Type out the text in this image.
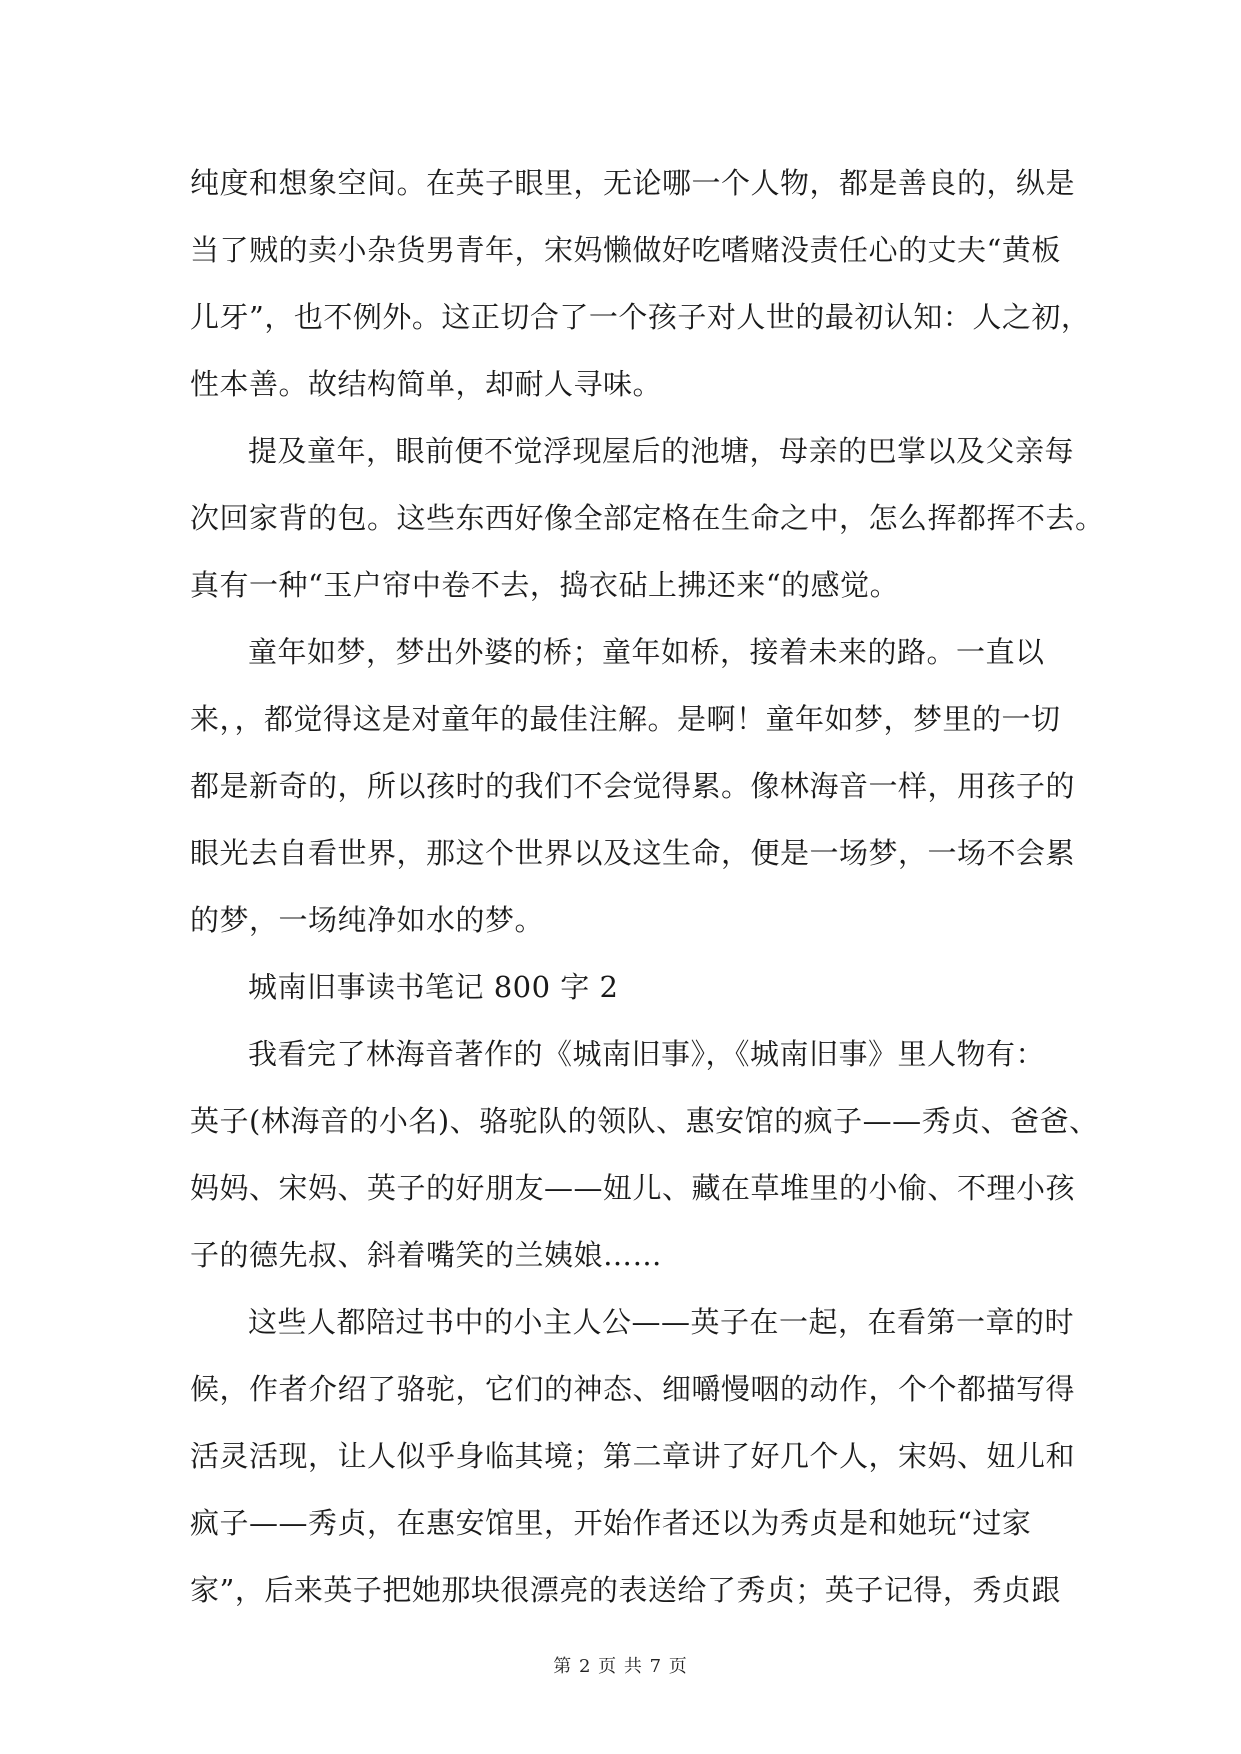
纯度和想象空间。在英子眼里，无论哪一个人物，都是善良的，纵是
当了贼的卖小杂货男青年，宋妈懒做好吃嗜赌没责任心的丈夫“黄板
儿牙”，也不例外。这正切合了一个孩子对人世的最初认知：人之初，
性本善。故结构简单，却耐人寻味。
提及童年，眼前便不觉浮现屋后的池塘，母亲的巴掌以及父亲每
次回家背的包。这些东西好像全部定格在生命之中，怎么挥都挥不去。
真有一种“玉户帘中卷不去，捣衣砧上拂还来“的感觉。
童年如梦，梦出外婆的桥；童年如桥，接着未来的路。一直以
来，，都觉得这是对童年的最佳注解。是啊！童年如梦，梦里的一切
都是新奇的，所以孩时的我们不会觉得累。像林海音一样，用孩子的
眼光去自看世界，那这个世界以及这生命，便是一场梦，一场不会累
的梦，一场纯净如水的梦。
城南旧事读书笔记 800 字 2
我看完了林海音著作的《城南旧事》，《城南旧事》里人物有：
英子(林海音的小名)、骆驼队的领队、惠安馆的疯子——秀贞、爸爸、
妈妈、宋妈、英子的好朋友——妞儿、藏在草堆里的小偷、不理小孩
子的德先叔、斜着嘴笑的兰姨娘……
这些人都陪过书中的小主人公——英子在一起，在看第一章的时
候，作者介绍了骆驼，它们的神态、细嚼慢咽的动作，个个都描写得
活灵活现，让人似乎身临其境；第二章讲了好几个人，宋妈、妞儿和
疯子——秀贞，在惠安馆里，开始作者还以为秀贞是和她玩“过家
家”，后来英子把她那块很漂亮的表送给了秀贞；英子记得，秀贞跟
第 2 页 共 7 页
